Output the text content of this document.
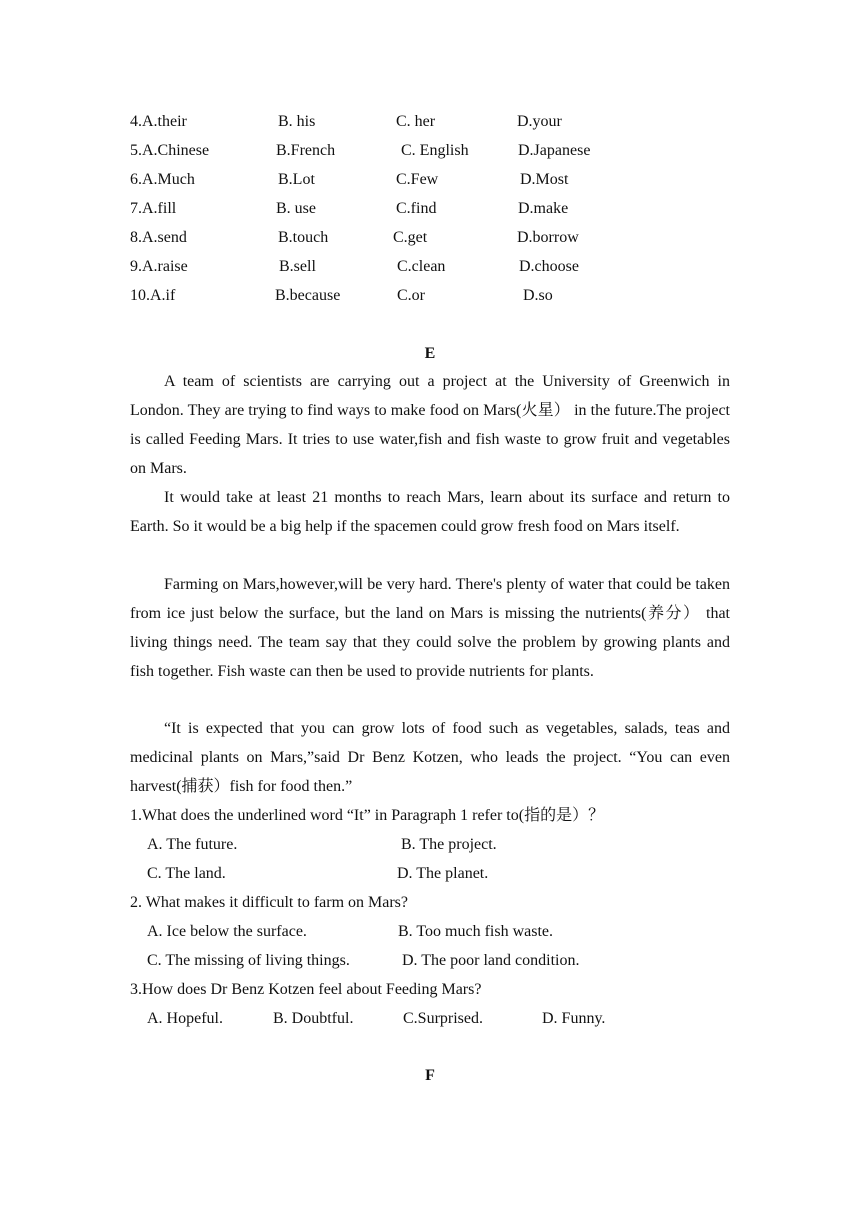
4.A.their	B. his	C. her	D.your
5.A.Chinese	B.French	C. English	D.Japanese
6.A.Much	B.Lot	C.Few	D.Most
7.A.fill	B. use	C.find	D.make
8.A.send	B.touch	C.get	D.borrow
9.A.raise	B.sell	C.clean	D.choose
10.A.if	B.because	C.or	D.so
E

A team of scientists are carrying out a project at the University of Greenwich in London. They are trying to find ways to make food on Mars(火星） in the future.The project is called Feeding Mars. It tries to use water,fish and fish waste to grow fruit and vegetables on Mars.

It would take at least 21 months to reach Mars, learn about its surface and return to Earth. So it would be a big help if the spacemen could grow fresh food on Mars itself.

Farming on Mars,however,will be very hard. There's plenty of water that could be taken from ice just below the surface, but the land on Mars is missing the nutrients(养分） that living things need. The team say that they could solve the problem by growing plants and fish together. Fish waste can then be used to provide nutrients for plants.

“It is expected that you can grow lots of food such as vegetables, salads, teas and medicinal plants on Mars,”said Dr Benz Kotzen, who leads the project. “You can even harvest(捕获）fish for food then.”

1.What does the underlined word “It” in Paragraph 1 refer to(指的是）？
A. The future.	B. The project.
C. The land.	D. The planet.
2. What makes it difficult to farm on Mars?
A. Ice below the surface.	B. Too much fish waste.
C. The missing of living things.	D. The poor land condition.
3.How does Dr Benz Kotzen feel about Feeding Mars?
A. Hopeful.	B. Doubtful.	C.Surprised.	D. Funny.
F
